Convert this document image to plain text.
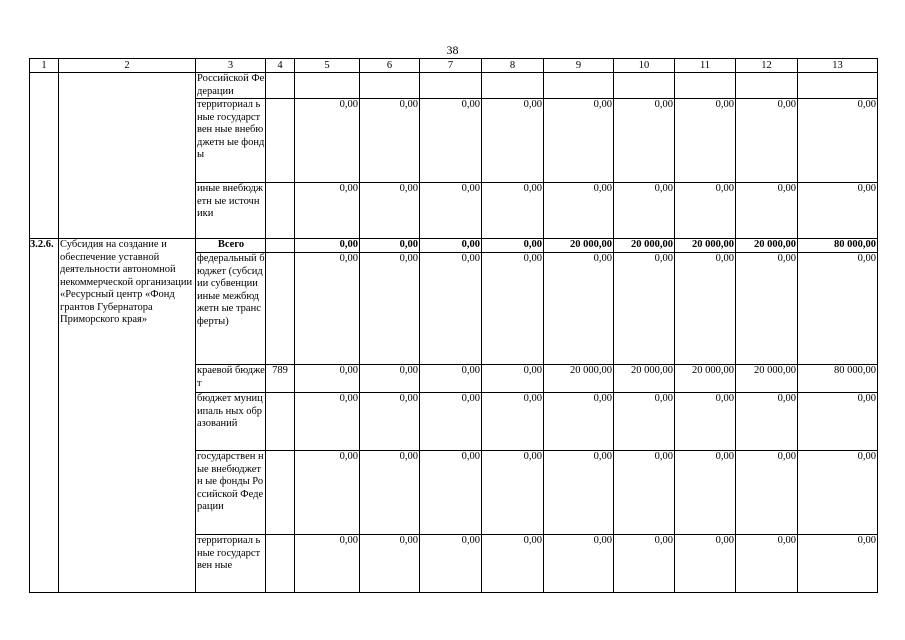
38
1	2	3	4	5	6	7	8	9	10	11	12	13
		Российской Федерации										
		территориал ьные государствен ные внебюджетн ые фонды		0,00	0,00	0,00	0,00	0,00	0,00	0,00	0,00	0,00
		иные внебюджетн ые источники		0,00	0,00	0,00	0,00	0,00	0,00	0,00	0,00	0,00
3.2.6.	Субсидия на создание и обеспечение уставной деятельности автономной некоммерческой организации «Ресурсный центр «Фонд грантов Губернатора Приморского края»	Всего		0,00	0,00	0,00	0,00	20 000,00	20 000,00	20 000,00	20 000,00	80 000,00
		федеральный бюджет (субсидии субвенции иные межбюджетн ые трансферты)		0,00	0,00	0,00	0,00	0,00	0,00	0,00	0,00	0,00
		краевой бюджет	789	0,00	0,00	0,00	0,00	20 000,00	20 000,00	20 000,00	20 000,00	80 000,00
		бюджет муниципаль ных образований		0,00	0,00	0,00	0,00	0,00	0,00	0,00	0,00	0,00
		государствен ные внебюджетн ые фонды Российской Федерации		0,00	0,00	0,00	0,00	0,00	0,00	0,00	0,00	0,00
		территориал ьные государствен ные		0,00	0,00	0,00	0,00	0,00	0,00	0,00	0,00	0,00
